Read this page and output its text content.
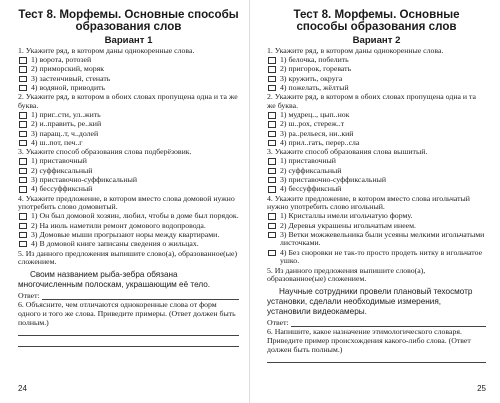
Тест 8. Морфемы. Основные способы образования слов

Вариант 1

1. Укажите ряд, в котором даны однокоренные слова.

1) ворота, ротозей
2) приморский, моряк
3) застенчивый, стенать
4) водяной, приводить

2. Укажите ряд, в котором в обоих словах пропущена одна и та же буква.

1) приг..сти, ул..жить
2) и..править, ре..кий
3) паращ..т, ч..долей
4) ш..пот, печ..г

3. Укажите способ образования слова подберёзовик.

1) приставочный
2) суффиксальный
3) приставочно-суффиксальный
4) бессуффиксный

4. Укажите предложение, в котором вместо слова домовой нужно употребить слово домовитый.

1) Он был домовой хозяин, любил, чтобы в доме был порядок.
2) На июль наметили ремонт домового водопровода.
3) Домовые мыши прогрызают норы между квартирами.
4) В домовой книге записаны сведения о жильцах.

5. Из данного предложения выпишите слово(а), образованное(ые) сложением.

Своим названием рыба-зебра обязана многочисленным полоскам, украшающим её тело.

Ответ:

6. Объясните, чем отличаются однокоренные слова от форм одного и того же слова. Приведите примеры. (Ответ должен быть полным.)

24

Тест 8. Морфемы. Основные способы образования слов

Вариант 2

1. Укажите ряд, в котором даны однокоренные слова.

1) белочка, побелить
2) пригорок, горевать
3) кружить, округа
4) пожелать, жёлтый

2. Укажите ряд, в котором в обоих словах пропущена одна и та же буква.

1) мудрец.., цып..нок
2) ш..рох, стереж..т
3) ра..рельеся, ни..кий
4) прил..гать, перер..сла

3. Укажите способ образования слова вышитый.

1) приставочный
2) суффиксальный
3) приставочно-суффиксальный
4) бессуффиксный

4. Укажите предложение, в котором вместо слова игольчатый нужно употребить слово игольный.

1) Кристаллы имели игольчатую форму.
2) Деревья украшены игольчатым инеем.
3) Ветки можжевельника были усеяны мелкими игольчатыми листочками.
4) Без сноровки не так-то просто продеть нитку в игольчатое ушко.

5. Из данного предложения выпишите слово(а), образованное(ые) сложением.

Научные сотрудники провели плановый техосмотр установки, сделали необходимые измерения, установили видеокамеры.

Ответ:

6. Напишите, какое назначение этимологического словаря. Приведите пример происхождения какого-либо слова. (Ответ должен быть полным.)

25
